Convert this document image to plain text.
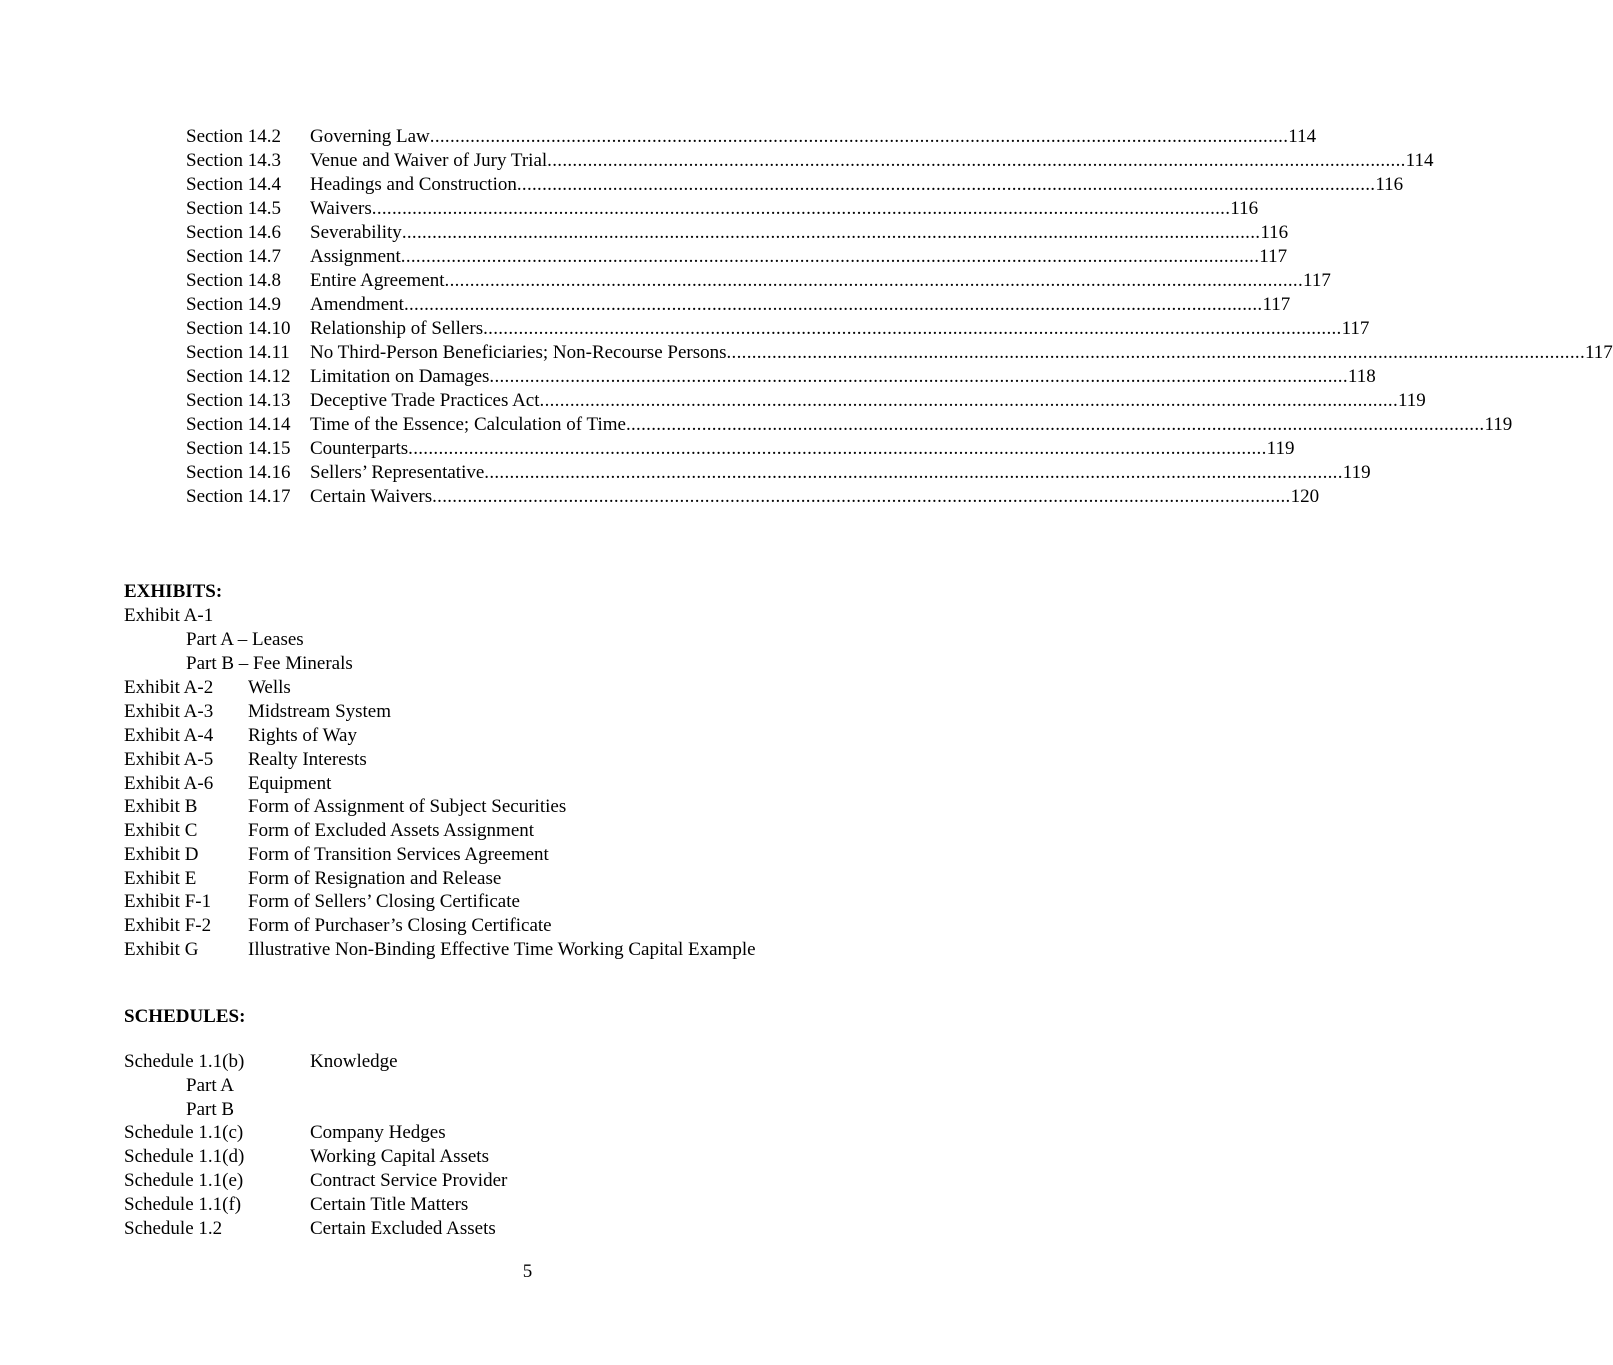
Section 14.2	Governing Law .......................................................................................................................................................................... 114
Section 14.3	Venue and Waiver of Jury Trial .......................................................................................................................................................................... 114
Section 14.4	Headings and Construction .......................................................................................................................................................................... 116
Section 14.5	Waivers .......................................................................................................................................................................... 116
Section 14.6	Severability .......................................................................................................................................................................... 116
Section 14.7	Assignment .......................................................................................................................................................................... 117
Section 14.8	Entire Agreement .......................................................................................................................................................................... 117
Section 14.9	Amendment .......................................................................................................................................................................... 117
Section 14.10	Relationship of Sellers .......................................................................................................................................................................... 117
Section 14.11	No Third-Person Beneficiaries; Non-Recourse Persons .......................................................................................................................................................................... 117
Section 14.12	Limitation on Damages .......................................................................................................................................................................... 118
Section 14.13	Deceptive Trade Practices Act .......................................................................................................................................................................... 119
Section 14.14	Time of the Essence; Calculation of Time .......................................................................................................................................................................... 119
Section 14.15	Counterparts .......................................................................................................................................................................... 119
Section 14.16	Sellers’ Representative .......................................................................................................................................................................... 119
Section 14.17	Certain Waivers .......................................................................................................................................................................... 120
EXHIBITS:
Exhibit A-1
Part A – Leases
Part B – Fee Minerals
Exhibit A-2 Wells
Exhibit A-3 Midstream System
Exhibit A-4 Rights of Way
Exhibit A-5 Realty Interests
Exhibit A-6 Equipment
Exhibit B	Form of Assignment of Subject Securities
Exhibit C	Form of Excluded Assets Assignment
Exhibit D	Form of Transition Services Agreement
Exhibit E	Form of Resignation and Release
Exhibit F-1 Form of Sellers’ Closing Certificate
Exhibit F-2 Form of Purchaser’s Closing Certificate
Exhibit G	Illustrative Non-Binding Effective Time Working Capital Example
SCHEDULES:
Schedule 1.1(b)	Knowledge
Part A
Part B
Schedule 1.1(c)	Company Hedges
Schedule 1.1(d)	Working Capital Assets
Schedule 1.1(e)	Contract Service Provider
Schedule 1.1(f)	Certain Title Matters
Schedule 1.2	Certain Excluded Assets
5
